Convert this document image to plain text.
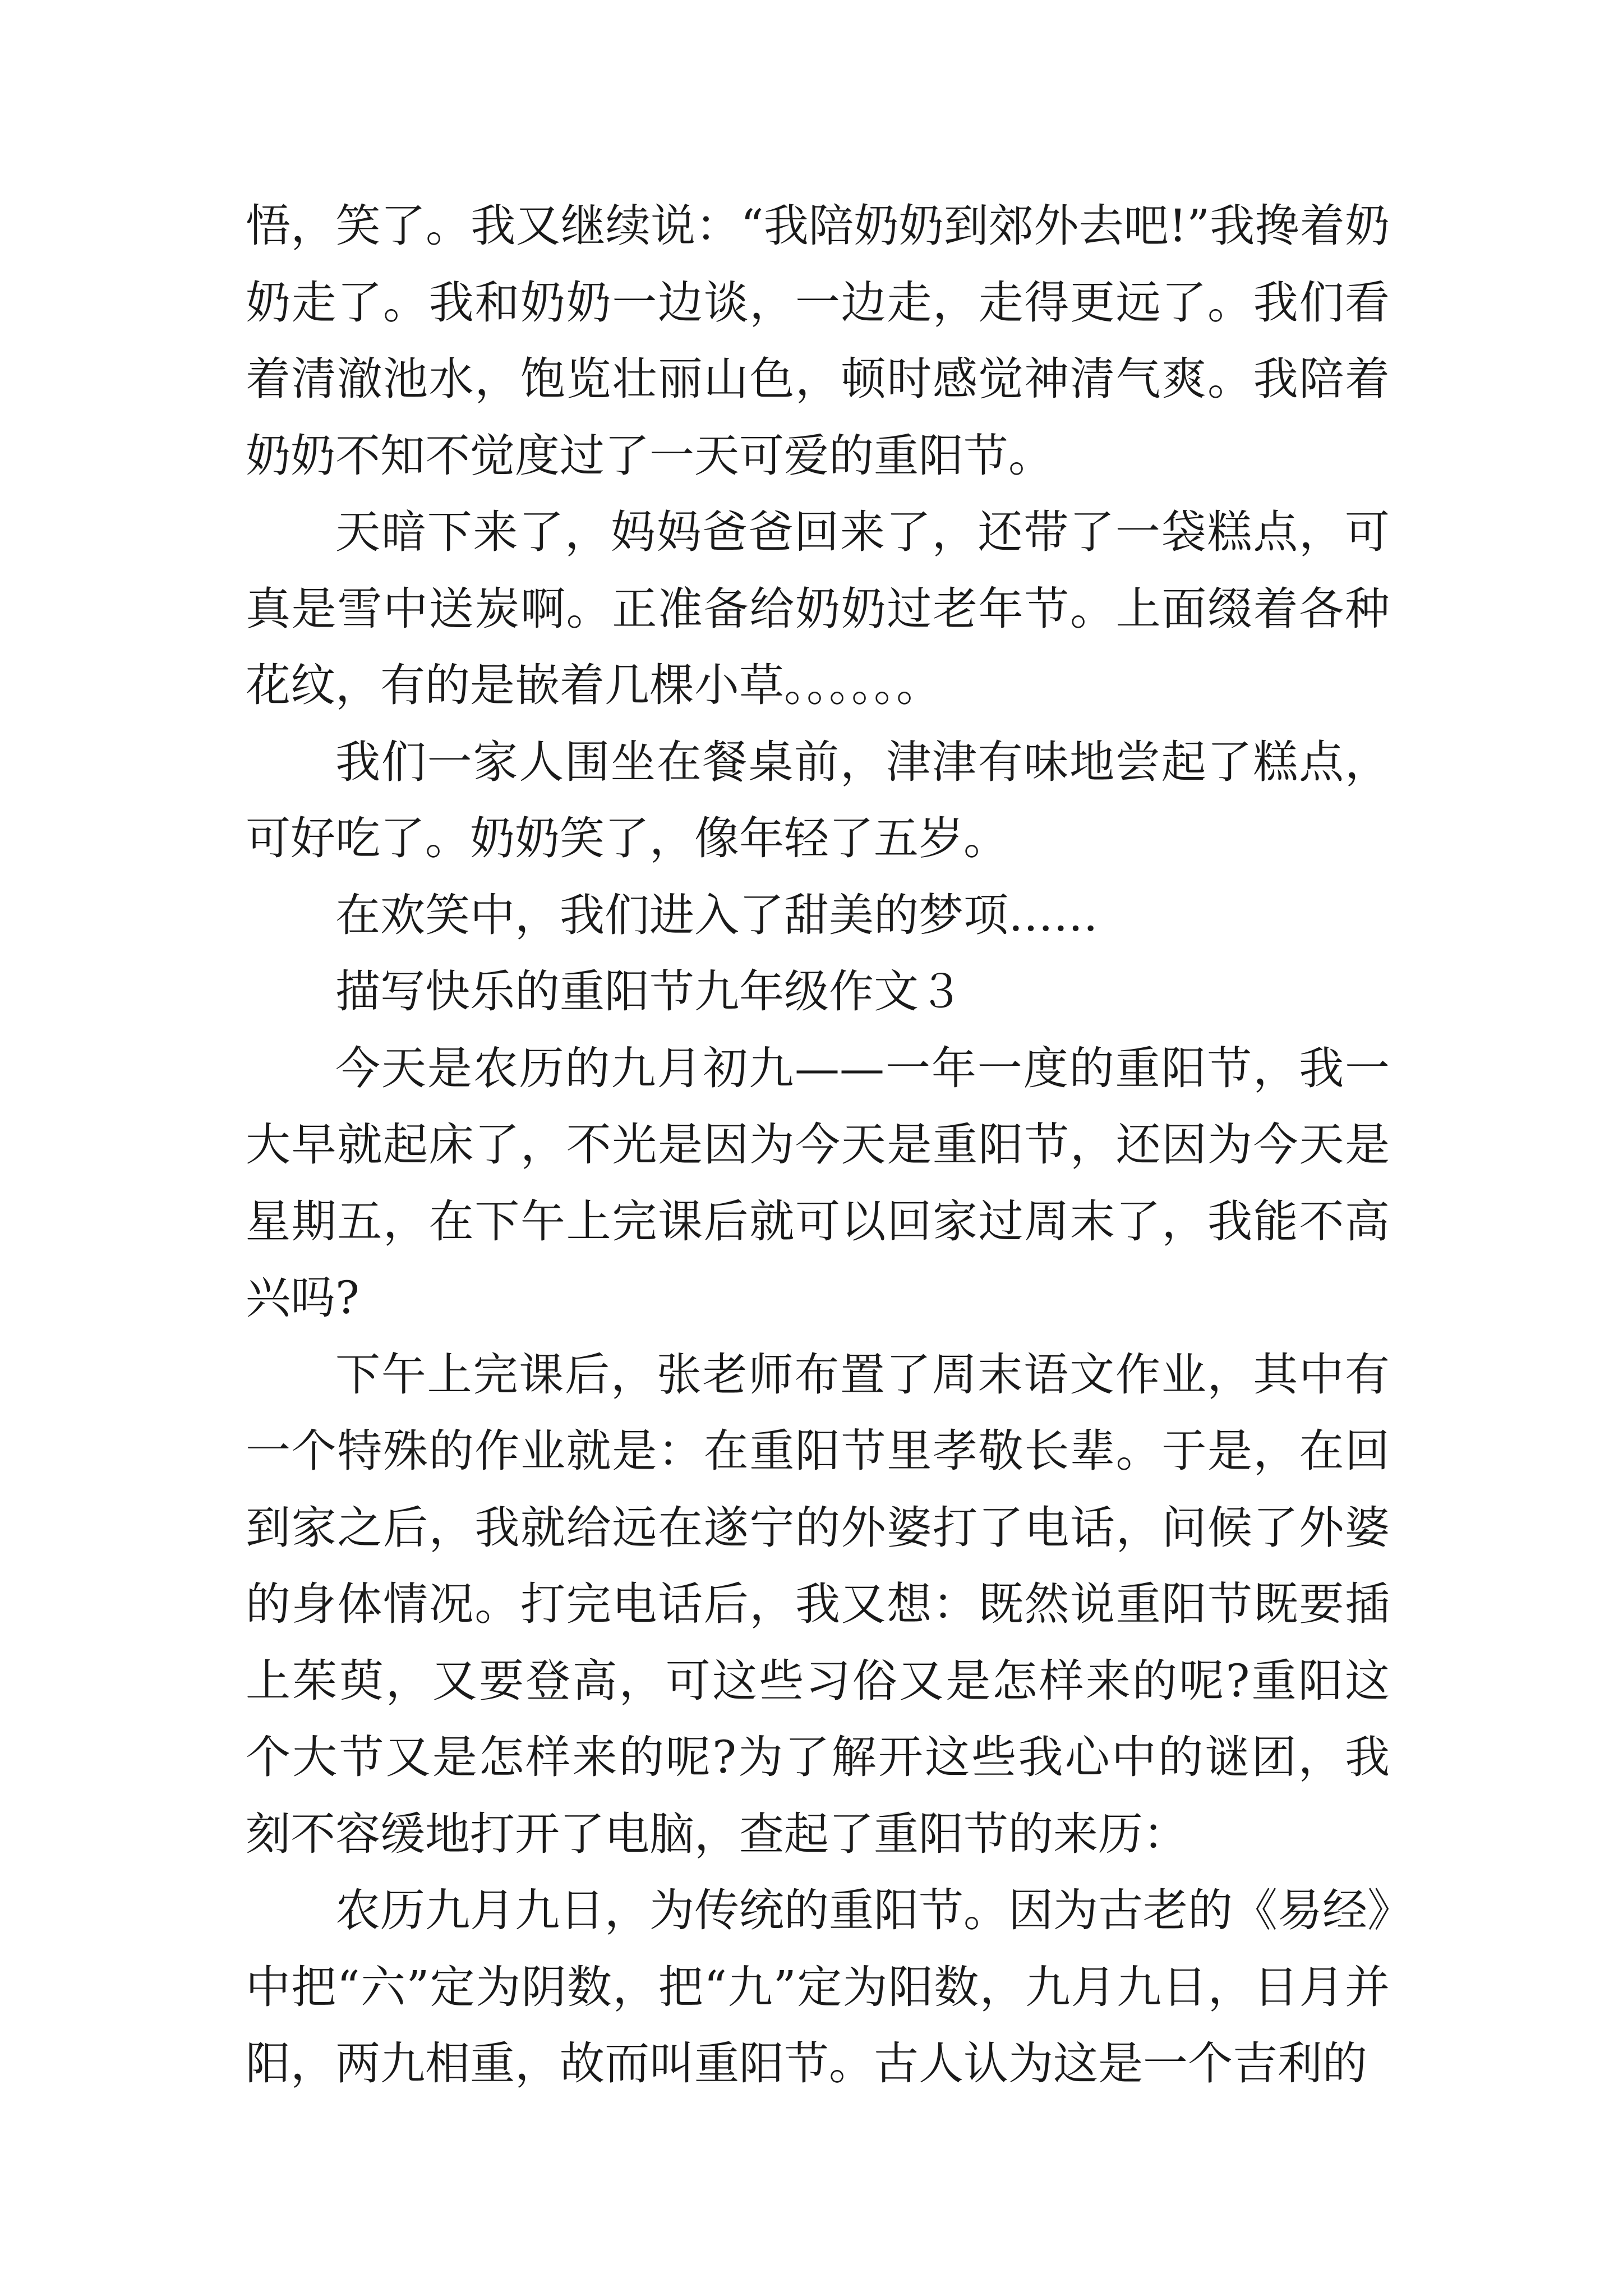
悟，笑了。我又继续说：“我陪奶奶到郊外去吧!”我搀着奶奶走了。我和奶奶一边谈，一边走，走得更远了。我们看着清澈池水，饱览壮丽山色，顿时感觉神清气爽。我陪着奶奶不知不觉度过了一天可爱的重阳节。

天暗下来了，妈妈爸爸回来了，还带了一袋糕点，可真是雪中送炭啊。正准备给奶奶过老年节。上面缀着各种花纹，有的是嵌着几棵小草。。。。。。

我们一家人围坐在餐桌前，津津有味地尝起了糕点，可好吃了。奶奶笑了，像年轻了五岁。

在欢笑中，我们进入了甜美的梦项……

描写快乐的重阳节九年级作文３

今天是农历的九月初九——一年一度的重阳节，我一大早就起床了，不光是因为今天是重阳节，还因为今天是星期五，在下午上完课后就可以回家过周末了，我能不高兴吗?

下午上完课后，张老师布置了周末语文作业，其中有一个特殊的作业就是：在重阳节里孝敬长辈。于是，在回到家之后，我就给远在遂宁的外婆打了电话，问候了外婆的身体情况。打完电话后，我又想：既然说重阳节既要插上茱萸，又要登高，可这些习俗又是怎样来的呢?重阳这个大节又是怎样来的呢?为了解开这些我心中的谜团，我刻不容缓地打开了电脑，查起了重阳节的来历：

农历九月九日，为传统的重阳节。因为古老的《易经》中把“六”定为阴数，把“九”定为阳数，九月九日，日月并阳，两九相重，故而叫重阳节。古人认为这是一个吉利的
